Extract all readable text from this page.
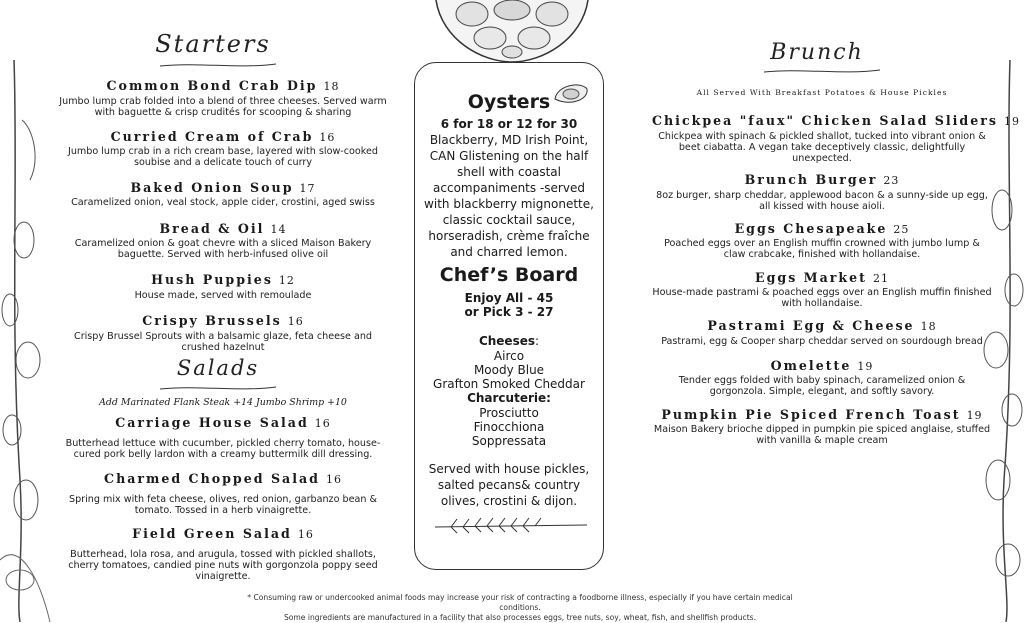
Starters
Common Bond Crab Dip 18
Jumbo lump crab folded into a blend of three cheeses. Served warm with baguette & crisp crudités for scooping & sharing
Curried Cream of Crab 16
Jumbo lump crab in a rich cream base, layered with slow-cooked soubise and a delicate touch of curry
Baked Onion Soup 17
Caramelized onion, veal stock, apple cider, crostini, aged swiss
Bread & Oil 14
Caramelized onion & goat chevre with a sliced Maison Bakery baguette. Served with herb-infused olive oil
Hush Puppies 12
House made, served with remoulade
Crispy Brussels 16
Crispy Brussel Sprouts with a balsamic glaze, feta cheese and crushed hazelnut
Salads
Add Marinated Flank Steak +14 Jumbo Shrimp +10
Carriage House Salad 16
Butterhead lettuce with cucumber, pickled cherry tomato, house-cured pork belly lardon with a creamy buttermilk dill dressing.
Charmed Chopped Salad 16
Spring mix with feta cheese, olives, red onion, garbanzo bean & tomato. Tossed in a herb vinaigrette.
Field Green Salad 16
Butterhead, lola rosa, and arugula, tossed with pickled shallots, cherry tomatoes, candied pine nuts with gorgonzola poppy seed vinaigrette.
Oysters
6 for 18 or 12 for 30
Blackberry, MD Irish Point, CAN Glistening on the half shell with coastal accompaniments -served with blackberry mignonette, classic cocktail sauce, horseradish, crème fraîche and charred lemon.
Chef’s Board
Enjoy All - 45
or Pick 3 - 27
Cheeses:
Airco
Moody Blue
Grafton Smoked Cheddar
Charcuterie:
Prosciutto
Finocchiona
Soppressata
Served with house pickles, salted pecans& country olives, crostini & dijon.
Brunch
All Served With Breakfast Potatoes & House Pickles
Chickpea "faux" Chicken Salad Sliders 19
Chickpea with spinach & pickled shallot, tucked into vibrant onion & beet ciabatta. A vegan take deceptively classic, delightfully unexpected.
Brunch Burger 23
8oz burger, sharp cheddar, applewood bacon & a sunny-side up egg, all kissed with house aioli.
Eggs Chesapeake 25
Poached eggs over an English muffin crowned with jumbo lump & claw crabcake, finished with hollandaise.
Eggs Market 21
House-made pastrami & poached eggs over an English muffin finished with hollandaise.
Pastrami Egg & Cheese 18
Pastrami, egg & Cooper sharp cheddar served on sourdough bread
Omelette 19
Tender eggs folded with baby spinach, caramelized onion & gorgonzola. Simple, elegant, and softly savory.
Pumpkin Pie Spiced French Toast 19
Maison Bakery brioche dipped in pumpkin pie spiced anglaise, stuffed with vanilla & maple cream
* Consuming raw or undercooked animal foods may increase your risk of contracting a foodborne illness, especially if you have certain medical conditions.
Some ingredients are manufactured in a facility that also processes eggs, tree nuts, soy, wheat, fish, and shellfish products.
